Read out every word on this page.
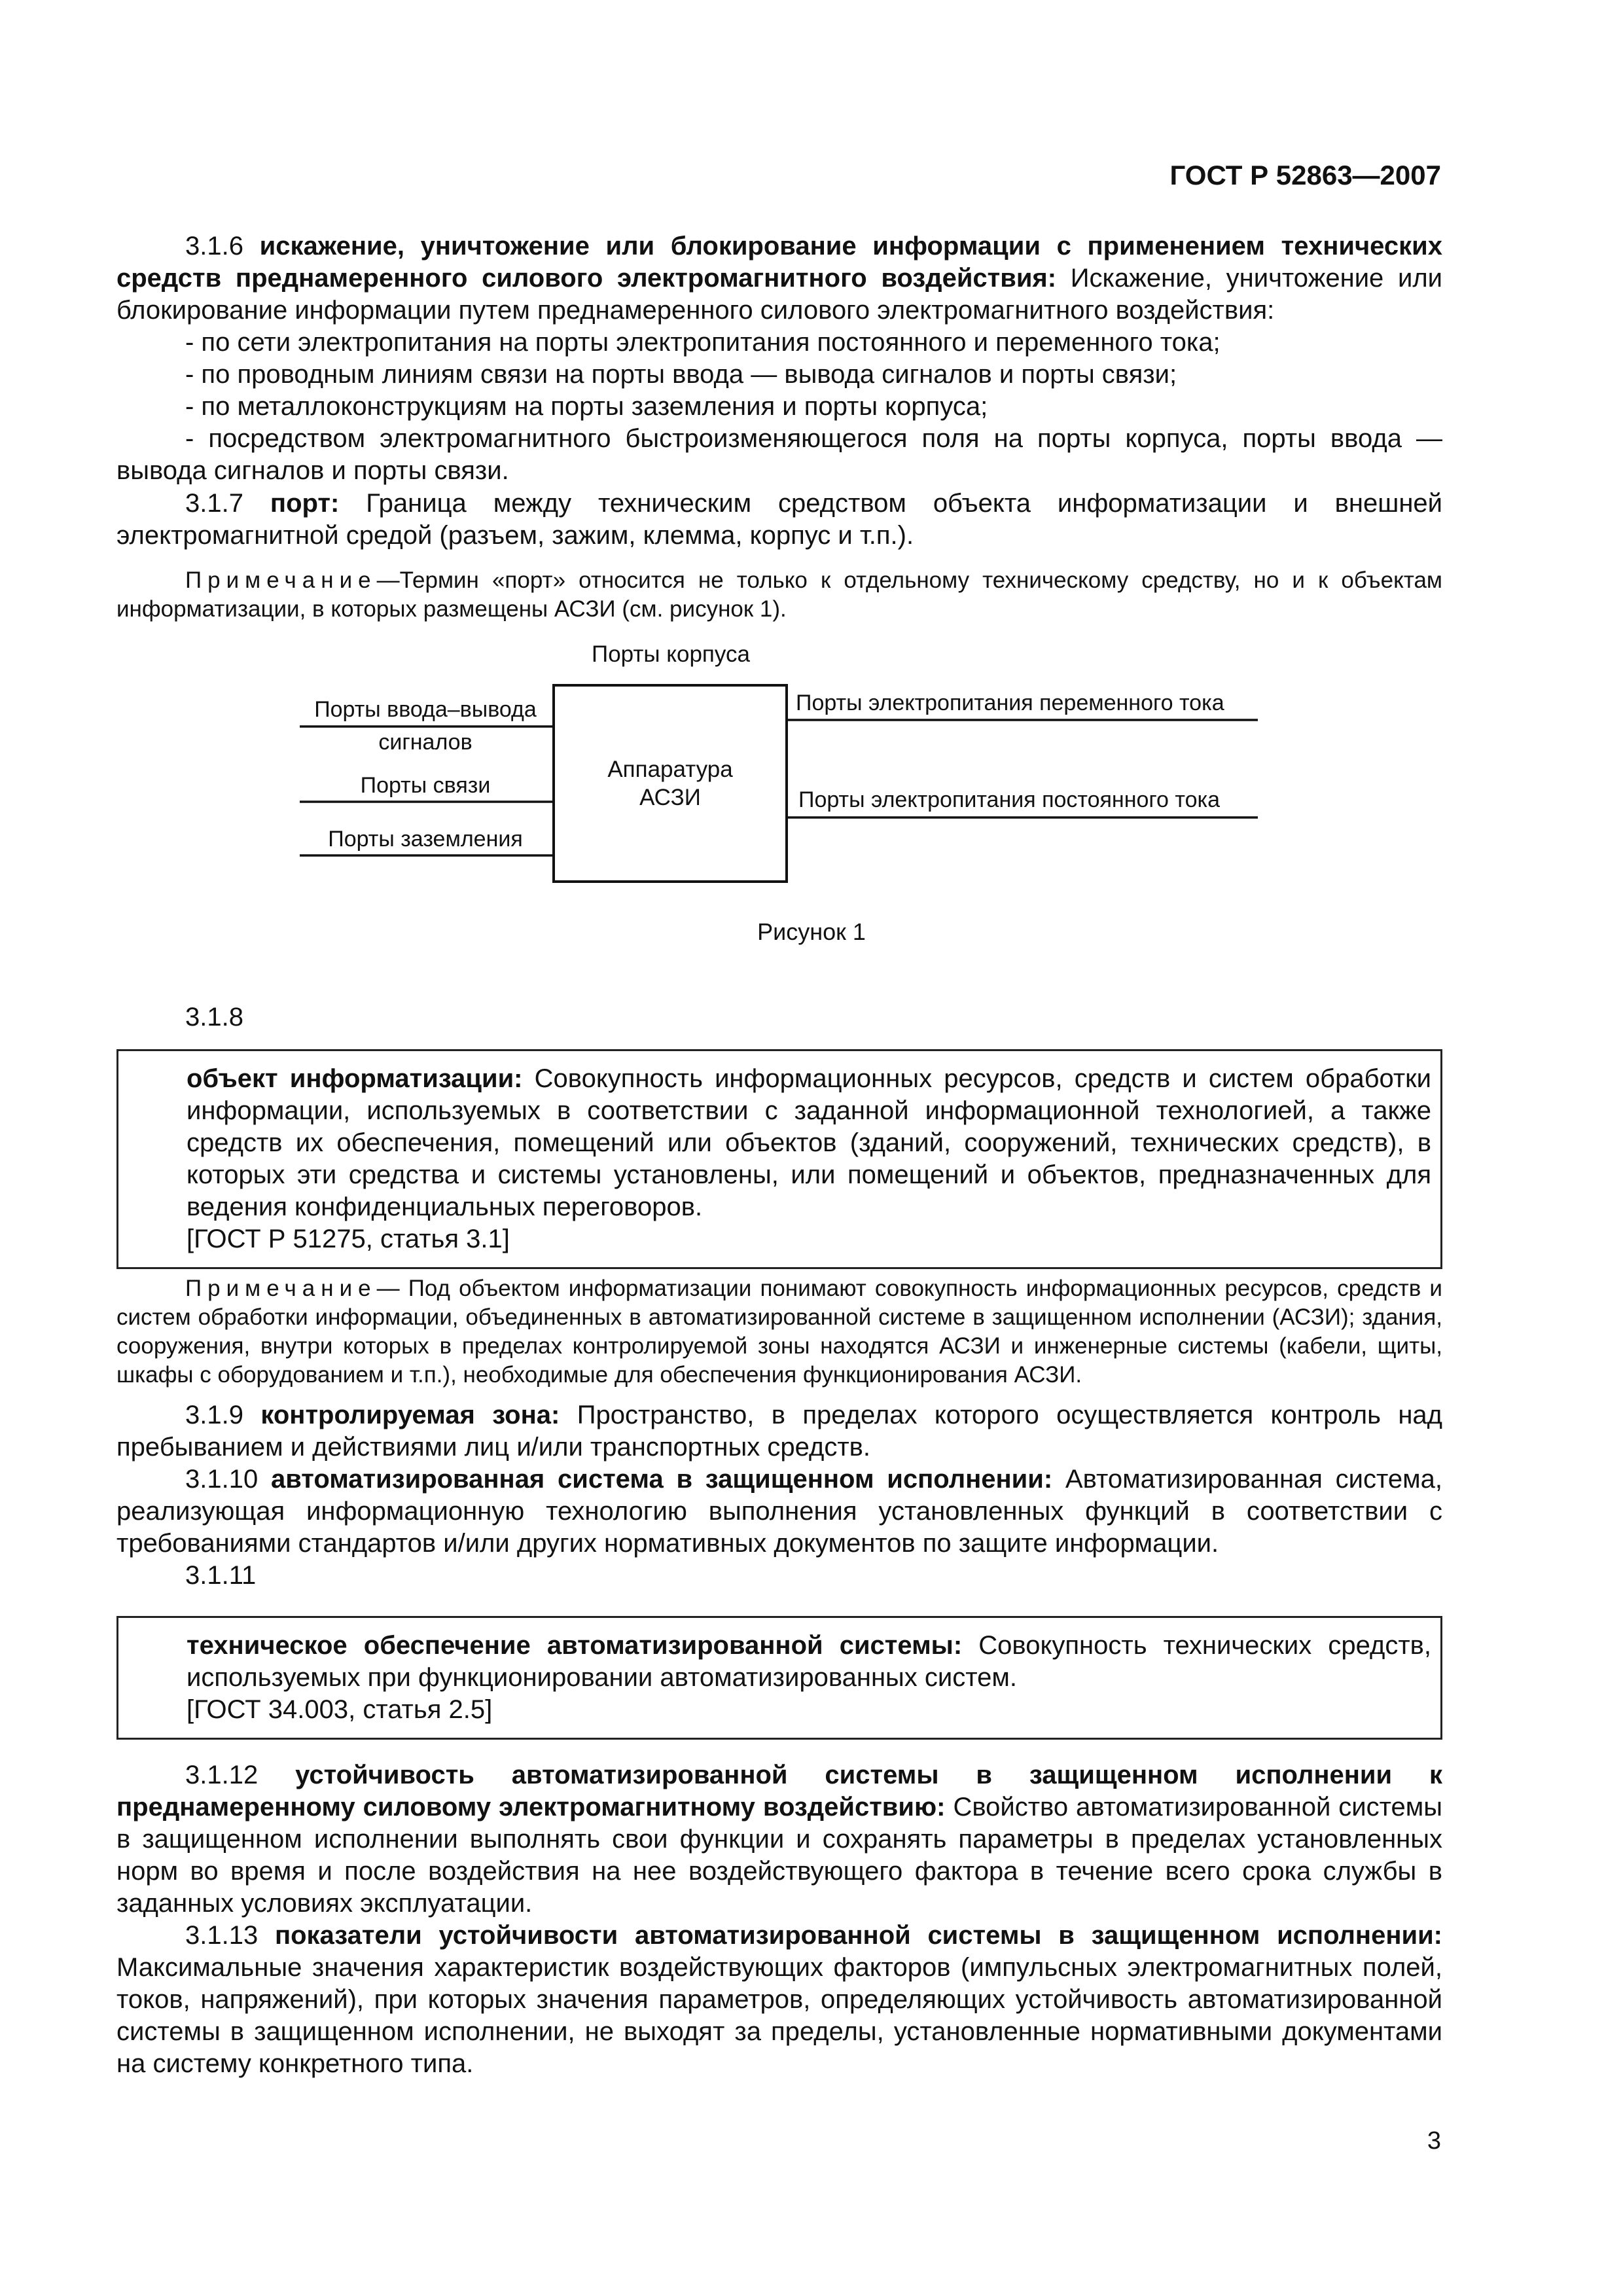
ГОСТ Р 52863—2007

3.1.6 искажение, уничтожение или блокирование информации с применением технических средств преднамеренного силового электромагнитного воздействия: Искажение, уничтожение или блокирование информации путем преднамеренного силового электромагнитного воздействия:

- по сети электропитания на порты электропитания постоянного и переменного тока;

- по проводным линиям связи на порты ввода — вывода сигналов и порты связи;

- по металлоконструкциям на порты заземления и порты корпуса;

- посредством электромагнитного быстроизменяющегося поля на порты корпуса, порты ввода — вывода сигналов и порты связи.

3.1.7 порт: Граница между техническим средством объекта информатизации и внешней электромагнитной средой (разъем, зажим, клемма, корпус и т.п.).

Примечание—Термин «порт» относится не только к отдельному техническому средству, но и к объектам информатизации, в которых размещены АСЗИ (см. рисунок 1).

Порты корпуса
Аппаратура
АСЗИ
Порты ввода–вывода
сигналов
Порты связи
Порты заземления
Порты электропитания переменного тока
Порты электропитания постоянного тока
Рисунок 1

3.1.8

объект информатизации: Совокупность информационных ресурсов, средств и систем обработки информации, используемых в соответствии с заданной информационной технологией, а также средств их обеспечения, помещений или объектов (зданий, сооружений, технических средств), в которых эти средства и системы установлены, или помещений и объектов, предназначенных для ведения конфиденциальных переговоров.

[ГОСТ Р 51275, статья 3.1]

Примечание— Под объектом информатизации понимают совокупность информационных ресурсов, средств и систем обработки информации, объединенных в автоматизированной системе в защищенном исполнении (АСЗИ); здания, сооружения, внутри которых в пределах контролируемой зоны находятся АСЗИ и инженерные системы (кабели, щиты, шкафы с оборудованием и т.п.), необходимые для обеспечения функционирования АСЗИ.

3.1.9 контролируемая зона: Пространство, в пределах которого осуществляется контроль над пребыванием и действиями лиц и/или транспортных средств.

3.1.10 автоматизированная система в защищенном исполнении: Автоматизированная система, реализующая информационную технологию выполнения установленных функций в соответствии с требованиями стандартов и/или других нормативных документов по защите информации.

3.1.11

техническое обеспечение автоматизированной системы: Совокупность технических средств, используемых при функционировании автоматизированных систем.

[ГОСТ 34.003, статья 2.5]

3.1.12 устойчивость автоматизированной системы в защищенном исполнении к преднамеренному силовому электромагнитному воздействию: Свойство автоматизированной системы в защищенном исполнении выполнять свои функции и сохранять параметры в пределах установленных норм во время и после воздействия на нее воздействующего фактора в течение всего срока службы в заданных условиях эксплуатации.

3.1.13 показатели устойчивости автоматизированной системы в защищенном исполнении: Максимальные значения характеристик воздействующих факторов (импульсных электромагнитных полей, токов, напряжений), при которых значения параметров, определяющих устойчивость автоматизированной системы в защищенном исполнении, не выходят за пределы, установленные нормативными документами на систему конкретного типа.

3
